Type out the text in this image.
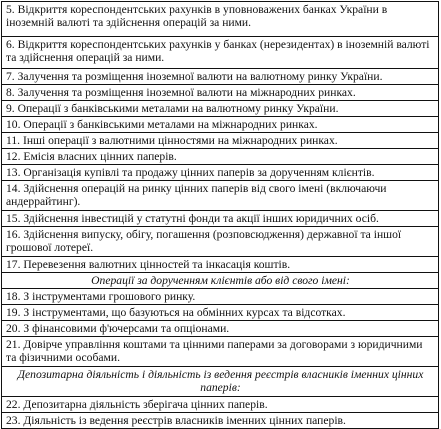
5. Відкриття кореспондентських рахунків в уповноважених банках України в іноземній валюті та здійснення операцій за ними.
6. Відкриття кореспондентських рахунків у банках (нерезидентах) в іноземній валюті та здійснення операцій за ними.
7. Залучення та розміщення іноземної валюти на валютному ринку України.
8. Залучення та розміщення іноземної валюти на міжнародних ринках.
9. Операції з банківськими металами на валютному ринку України.
10. Операції з банківськими металами на міжнародних ринках.
11. Інші операції з валютними цінностями на міжнародних ринках.
12. Емісія власних цінних паперів.
13. Організація купівлі та продажу цінних паперів за дорученням клієнтів.
14. Здійснення операцій на ринку цінних паперів від свого імені (включаючи андеррайтинг).
15. Здійснення інвестицій у статутні фонди та акції інших юридичних осіб.
16. Здійснення випуску, обігу, погашення (розповсюдження) державної та іншої грошової лотереї.
17. Перевезення валютних цінностей та інкасація коштів.
Операції за дорученням клієнтів або від свого імені:
18. З інструментами грошового ринку.
19. З інструментами, що базуються на обмінних курсах та відсотках.
20. З фінансовими ф'ючерсами та опціонами.
21. Довірче управління коштами та цінними паперами за договорами з юридичними та фізичними особами.
Депозитарна діяльність і діяльність із ведення реєстрів власників іменних цінних паперів:
22. Депозитарна діяльність зберігача цінних паперів.
23. Діяльність із ведення реєстрів власників іменних цінних паперів.
